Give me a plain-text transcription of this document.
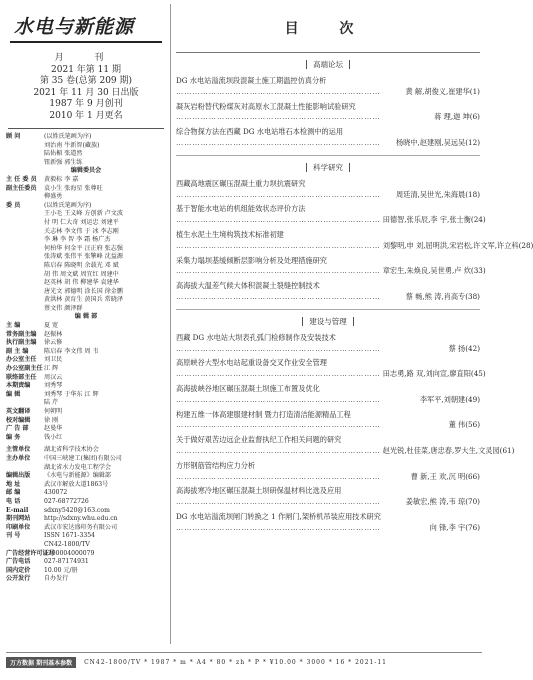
水电与新能源
月 刊
2021 年第 11 期
第 35 卷(总第 209 期)
2021 年 11 月 30 日出版
1987 年 9 月创刊
2010 年 1 月更名
顾 问	(以姓氏笔画为序)
刘治南 牛新智(藏族)
陆佑楣 张道然
钮新强 郭生练
编辑委员会
主 任 委 员	黄毅标 李 嘉
副主任委员	袁小生 张海星 张尊旺
柳盛勇
委 员	(以姓氏笔画为序)
王小毛 王义峰 方创新 卢文波
付 明 仁大奇 刘运忠 刘建平
关志林 李文伟 于 冰 李志刚
李 琳 李 智 李 霜 杨广杰
何柏华 何金平 汪正府 张志强
张涛斌 张伟平 张擎峰 沈益源
陈启春 陈晓明 余载光 邓 斌
胡 伟 周文斌 周宜红 周建中
赵英林 胡 伟 柳建华 袁建华
唐光文 郭德明 涂长国 徐金鹏
黄洪林 黄育生 黄国兵 常晓泽
蔡文伟 颜泽群
编 辑 部
主 编	夏 宽
常务副主编	赵振林
执行副主编	徐云修
副 主 编	陈启春 李文伟 周 韦
办公室主任	刘卫民
办公室副主任 江 辉
联络部主任	周汉云
本期责编	刘秀琴
编 辑	刘秀琴 于华东 江 辉
陆 芹
英文翻译	何朝明
校对编辑	徐 刚
广 告 部	赵曼华
编 务	钱小红
主管单位	湖北省科学技术协会
主办单位	中国三峡建工(集团)有限公司
湖北省水力发电工程学会
编辑出版	《水电与新能源》编辑部
地 址	武汉市解放大道1863号
邮 编	430072
电 话	027-68772726
E-mail	sdxny5420@163.com
期刊网站	http://sdxny.whu.edu.cn
印刷单位	武汉市宏达盛印务有限公司
刊 号	ISSN 1671-3354
CN42-1800/TV
广告经营许可证号
4200004000079
广告电话	027-87174931
国内定价	10.00 元/册
公开发行	自办发行
目 次
高端论坛
DG 水电站溢流坝段混凝土施工期温控仿真分析
…………………………………………………………………	黄 解,胡俊义,崔建华(1)
凝灰岩粉替代粉煤灰对高原水工混凝土性能影响试验研究
…………………………………………………………………	蒋 理,迦 坤(6)
综合物探方法在西藏 DG 水电站堆石本检测中的运用
…………………………………………………………………	杨晓中,赵建刚,吴远吴(12)
科学研究
西藏高地震区碾压混凝土重力坝抗震研究
…………………………………………………………………	周廷清,吴世光,朱海晨(18)
基于智能水电站的机组能效状态评价方法
………………………………………………………………… 田德智,张乐辰,李 宇,张士衡(24)
植生水泥土生境构筑技术标准初建
………………………………………………………………… 刘黎明,申 刘,屈明洪,宋岩松,许文军,许立科(28)
采集力塌坝基缓倾断层影响分析及处理措施研究
………………………………………………………………… 章宏生,朱焕良,吴世勇,卢 炊(33)
高海拔大温差气候大体积混凝土裂缝控制技术
…………………………………………………………………	蔡 畅,熊 涛,肖高专(38)
建设与管理
西藏 DG 水电站大坝表孔弧门检修制作及安装技术
…………………………………………………………………	蔡 扬(42)
高原峡谷大型水电站起重设备交叉作业安全管理
………………………………………………………………… 田志勇,路 双,刘向宣,廖直阳(45)
高海拔峡谷地区碾压混凝土坝施工布置及优化
…………………………………………………………………	李军平,刘朝建(49)
构建五维一体高建服建材制 暨力打造清洁能源精品工程
…………………………………………………………………	董 伟(56)
关于做好艰苦边远企业监督执纪工作相关问题的研究
………………………………………………………………… 赵光锐,杜佳菜,唐忠春,罗大生,文灵园(61)
方形钢筋管结构应力分析
…………………………………………………………………	曹 新,王 欢,沉 明(66)
高海拔寒冷地区碾压混凝土坝研保温材料比选及应用
…………………………………………………………………	姜敏宏,熊 涛,韦 琼(70)
DG 水电站溢流坝闸门转换之 1 作闸门,架桥机吊装应用技术研究
…………………………………………………………………	向 锋,李 宇(76)
万方数据 期刊基本参数	CN42-1800/TV * 1987 * m * A4 * 80 * zh * P * ¥10.00 * 3000 * 16 * 2021-11
